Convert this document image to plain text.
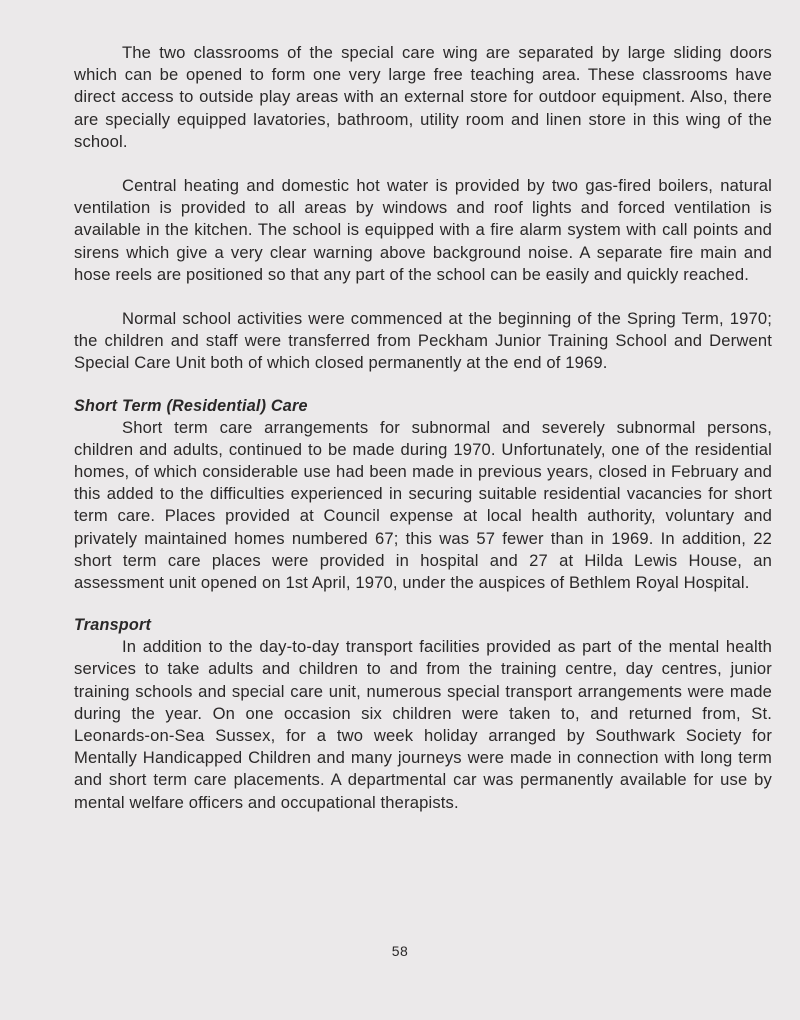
The two classrooms of the special care wing are separated by large sliding doors which can be opened to form one very large free teaching area. These classrooms have direct access to outside play areas with an external store for outdoor equipment. Also, there are specially equipped lavatories, bathroom, utility room and linen store in this wing of the school.

Central heating and domestic hot water is provided by two gas-fired boilers, natural ventilation is provided to all areas by windows and roof lights and forced ventilation is available in the kitchen. The school is equipped with a fire alarm system with call points and sirens which give a very clear warning above background noise. A separate fire main and hose reels are positioned so that any part of the school can be easily and quickly reached.

Normal school activities were commenced at the beginning of the Spring Term, 1970; the children and staff were transferred from Peckham Junior Training School and Derwent Special Care Unit both of which closed permanently at the end of 1969.

Short Term (Residential) Care

Short term care arrangements for subnormal and severely subnormal persons, children and adults, continued to be made during 1970. Unfortunately, one of the residential homes, of which considerable use had been made in previous years, closed in February and this added to the difficulties experienced in securing suitable residential vacancies for short term care. Places provided at Council expense at local health authority, voluntary and privately maintained homes numbered 67; this was 57 fewer than in 1969. In addition, 22 short term care places were provided in hospital and 27 at Hilda Lewis House, an assessment unit opened on 1st April, 1970, under the auspices of Bethlem Royal Hospital.

Transport

In addition to the day-to-day transport facilities provided as part of the mental health services to take adults and children to and from the training centre, day centres, junior training schools and special care unit, numerous special transport arrangements were made during the year. On one occasion six children were taken to, and returned from, St. Leonards-on-Sea Sussex, for a two week holiday arranged by Southwark Society for Mentally Handicapped Children and many journeys were made in connection with long term and short term care placements. A departmental car was permanently available for use by mental welfare officers and occupational therapists.

58
